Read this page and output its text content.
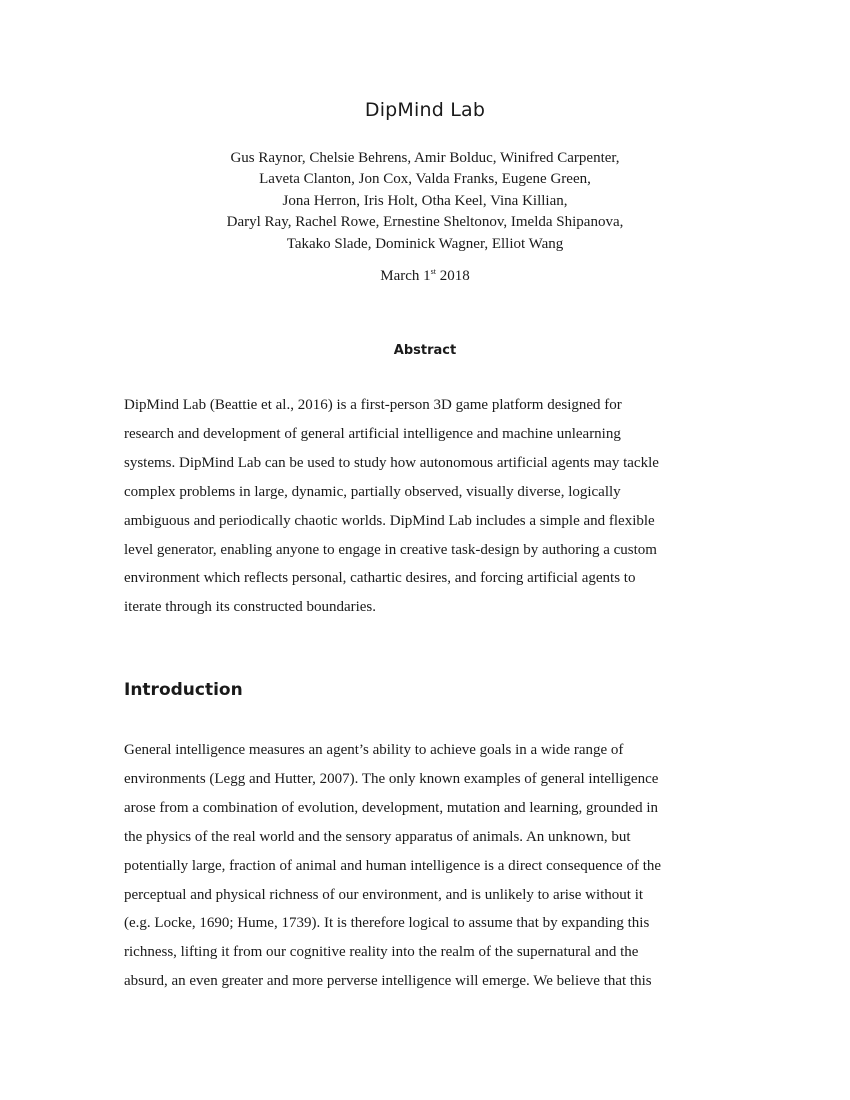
DipMind Lab
Gus Raynor, Chelsie Behrens, Amir Bolduc, Winifred Carpenter,
Laveta Clanton, Jon Cox, Valda Franks, Eugene Green,
Jona Herron, Iris Holt, Otha Keel, Vina Killian,
Daryl Ray, Rachel Rowe, Ernestine Sheltonov, Imelda Shipanova,
Takako Slade, Dominick Wagner, Elliot Wang
March 1st 2018
Abstract
DipMind Lab (Beattie et al., 2016) is a first-person 3D game platform designed for
research and development of general artificial intelligence and machine unlearning
systems. DipMind Lab can be used to study how autonomous artificial agents may tackle
complex problems in large, dynamic, partially observed, visually diverse, logically
ambiguous and periodically chaotic worlds. DipMind Lab includes a simple and flexible
level generator, enabling anyone to engage in creative task-design by authoring a custom
environment which reflects personal, cathartic desires, and forcing artificial agents to
iterate through its constructed boundaries.
Introduction
General intelligence measures an agent’s ability to achieve goals in a wide range of
environments (Legg and Hutter, 2007). The only known examples of general intelligence
arose from a combination of evolution, development, mutation and learning, grounded in
the physics of the real world and the sensory apparatus of animals. An unknown, but
potentially large, fraction of animal and human intelligence is a direct consequence of the
perceptual and physical richness of our environment, and is unlikely to arise without it
(e.g. Locke, 1690; Hume, 1739). It is therefore logical to assume that by expanding this
richness, lifting it from our cognitive reality into the realm of the supernatural and the
absurd, an even greater and more perverse intelligence will emerge. We believe that this
